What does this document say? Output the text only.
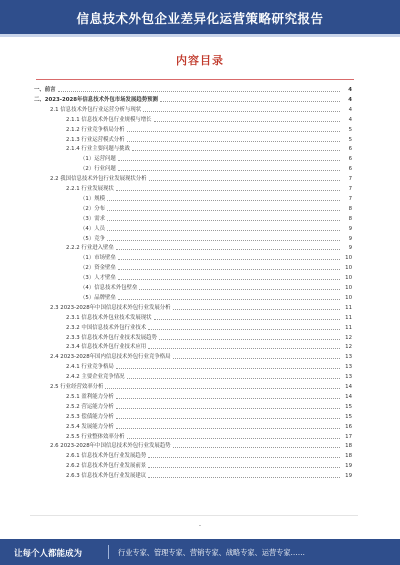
信息技术外包企业差异化运营策略研究报告
内容目录
一、前言	4
二、2023-2028年信息技术外包市场发展趋势预测	4
2.1 信息技术外包行业运营分析与现状	4
2.1.1 信息技术外包行业规模与增长	4
2.1.2 行业竞争格局分析	5
2.1.3 行业运营模式分析	5
2.1.4 行业主要问题与挑战	6
（1）运营问题	6
（2）行业问题	6
2.2 我国信息技术外包行业发展现状分析	7
2.2.1 行业发展现状	7
（1）规模	7
（2）分布	8
（3）需求	8
（4）人员	9
（5）竞争	9
2.2.2 行业进入壁垒	9
（1）市场壁垒	10
（2）资金壁垒	10
（3）人才壁垒	10
（4）信息技术外包壁垒	10
（5）品牌壁垒	10
2.3 2023-2028年中国信息技术外包行业发展分析	11
2.3.1 信息技术外包业技术发展现状	11
2.3.2 中国信息技术外包行业技术	11
2.3.3 信息技术外包行业技术发展趋势	12
2.3.4 信息技术外包行业技术应用	12
2.4 2023-2028年国内信息技术外包行业竞争格局	13
2.4.1 行业竞争格局	13
2.4.2 主要企业竞争情况	13
2.5 行业经营效率分析	14
2.5.1 盈利能力分析	14
2.5.2 营运能力分析	15
2.5.3 偿债能力分析	15
2.5.4 发展能力分析	16
2.5.5 行业整体效率分析	17
2.6 2023-2028年中国信息技术外包行业发展趋势	18
2.6.1 信息技术外包行业发展趋势	18
2.6.2 信息技术外包行业发展前景	19
2.6.3 信息技术外包行业发展建议	19
-
让每个人都能成为	行业专家、管理专家、营销专家、战略专家、运营专家……
